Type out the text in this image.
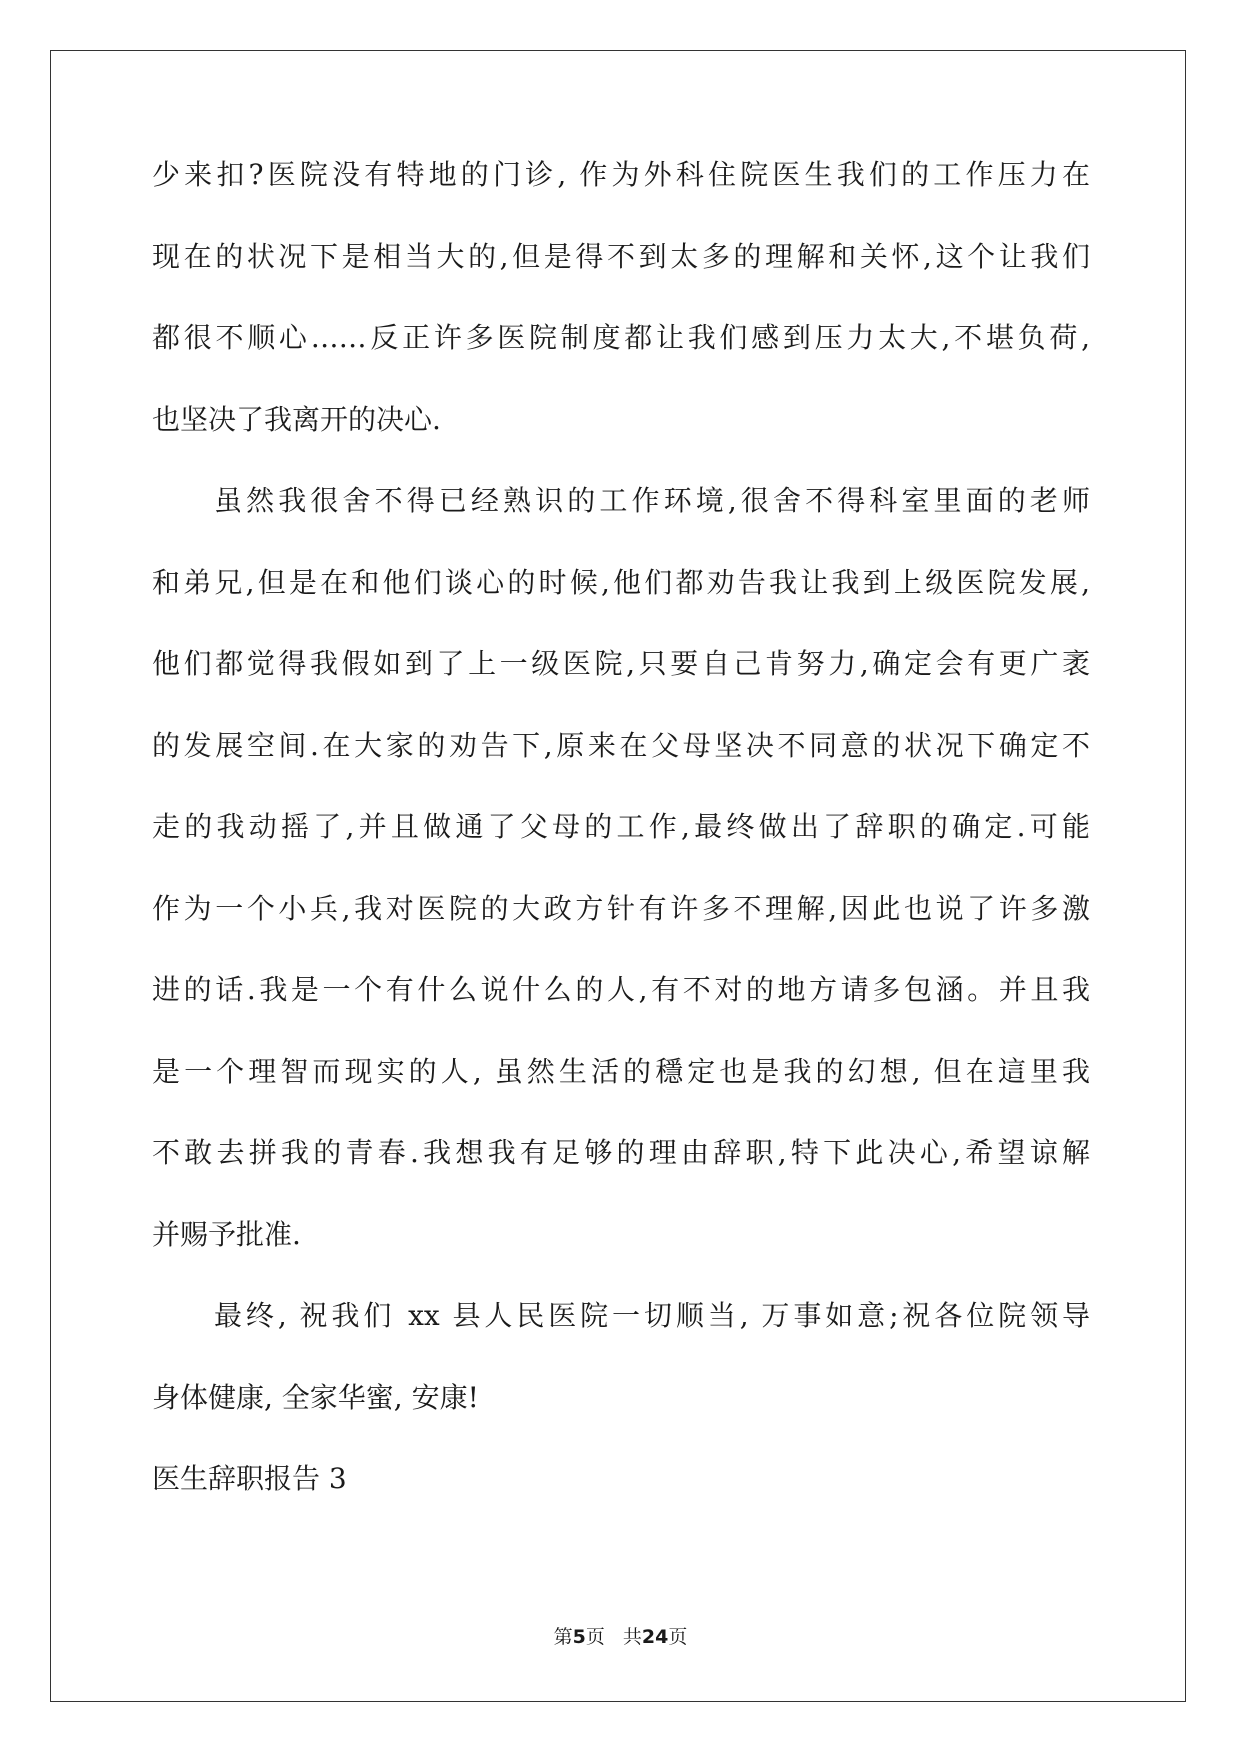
少来扣?医院没有特地的门诊, 作为外科住院医生我们的工作压力在
现在的状况下是相当大的,但是得不到太多的理解和关怀,这个让我们
都很不顺心……反正许多医院制度都让我们感到压力太大,不堪负荷,
也坚决了我离开的决心.
虽然我很舍不得已经熟识的工作环境,很舍不得科室里面的老师
和弟兄,但是在和他们谈心的时候,他们都劝告我让我到上级医院发展,
他们都觉得我假如到了上一级医院,只要自己肯努力,确定会有更广袤
的发展空间.在大家的劝告下,原来在父母坚决不同意的状况下确定不
走的我动摇了,并且做通了父母的工作,最终做出了辞职的确定.可能
作为一个小兵,我对医院的大政方针有许多不理解,因此也说了许多激
进的话.我是一个有什么说什么的人,有不对的地方请多包涵。并且我
是一个理智而现实的人, 虽然生活的穩定也是我的幻想, 但在這里我
不敢去拼我的青春.我想我有足够的理由辞职,特下此决心,希望谅解
并赐予批准.
最终, 祝我们 xx 县人民医院一切顺当, 万事如意;祝各位院领导
身体健康, 全家华蜜, 安康!
医生辞职报告 3
第5页 共24页
